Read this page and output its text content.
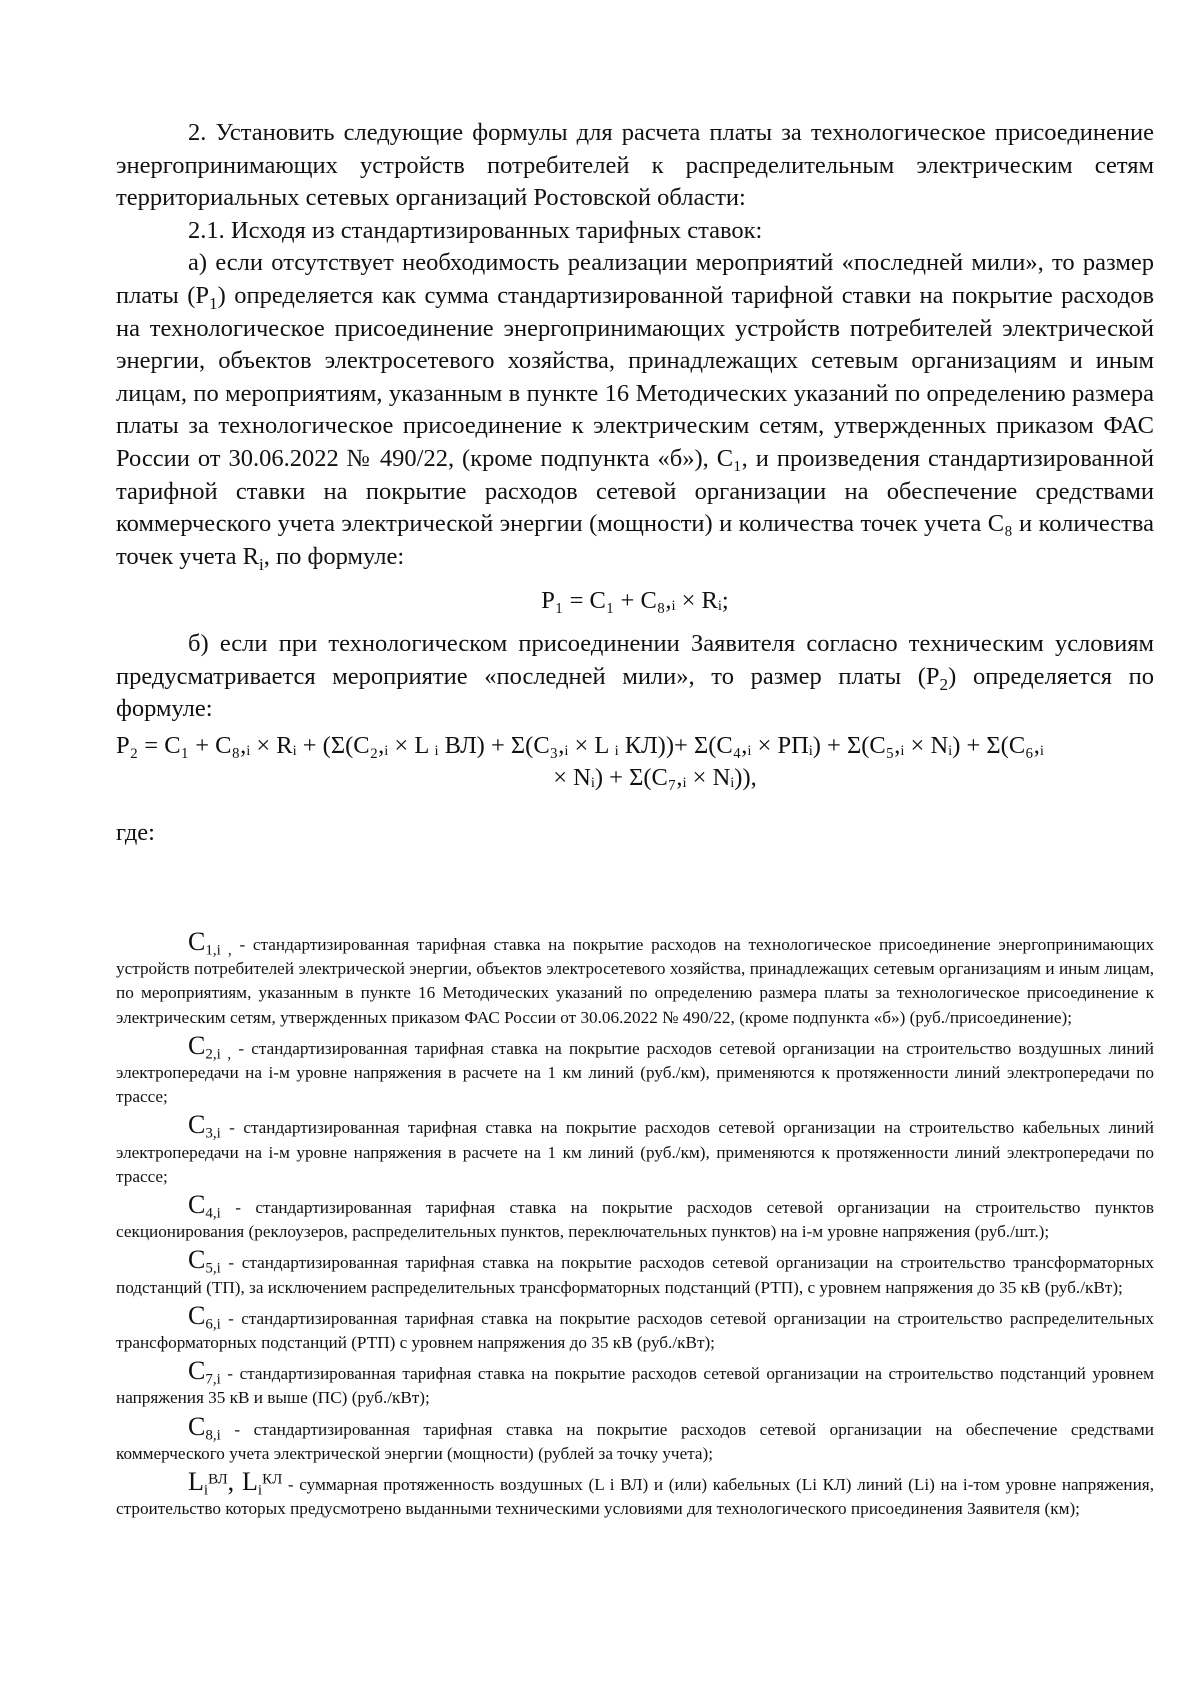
2. Установить следующие формулы для расчета платы за технологическое присоединение энергопринимающих устройств потребителей к распределительным электрическим сетям территориальных сетевых организаций Ростовской области:

2.1. Исходя из стандартизированных тарифных ставок:

а) если отсутствует необходимость реализации мероприятий «последней мили», то размер платы $(P_1)$ определяется как сумма стандартизированной тарифной ставки на покрытие расходов на технологическое присоединение энергопринимающих устройств потребителей электрической энергии, объектов электросетевого хозяйства, принадлежащих сетевым организациям и иным лицам, по мероприятиям, указанным в пункте 16 Методических указаний по определению размера платы за технологическое присоединение к электрическим сетям, утвержденных приказом ФАС России от 30.06.2022 № 490/22, (кроме подпункта «б»), C₁, и произведения стандартизированной тарифной ставки на покрытие расходов сетевой организации на обеспечение средствами коммерческого учета электрической энергии (мощности) и количества точек учета C₈ и количества точек учета $R_i$, по формуле:

P₁ = C₁ + C₈,ᵢ × Rᵢ;

б) если при технологическом присоединении Заявителя согласно техническим условиям предусматривается мероприятие «последней мили», то размер платы $(P_2)$ определяется по формуле:

P₂ = C₁ + C₈,ᵢ × Rᵢ + (Σ(C₂,ᵢ × L ᵢ ВЛ) + Σ(C₃,ᵢ × L ᵢ КЛ))+ Σ(C₄,ᵢ × РПᵢ) + Σ(C₅,ᵢ × Nᵢ) + Σ(C₆,ᵢ
× Nᵢ) + Σ(C₇,ᵢ × Nᵢ)),

где:

$C_{1,i ,}$ - стандартизированная тарифная ставка на покрытие расходов на технологическое присоединение энергопринимающих устройств потребителей электрической энергии, объектов электросетевого хозяйства, принадлежащих сетевым организациям и иным лицам, по мероприятиям, указанным в пункте 16 Методических указаний по определению размера платы за технологическое присоединение к электрическим сетям, утвержденных приказом ФАС России от 30.06.2022 № 490/22, (кроме подпункта «б») (руб./присоединение);

$C_{2,i ,}$ - стандартизированная тарифная ставка на покрытие расходов сетевой организации на строительство воздушных линий электропередачи на i-м уровне напряжения в расчете на 1 км линий (руб./км), применяются к протяженности линий электропередачи по трассе;

$C_{3,i}$ - стандартизированная тарифная ставка на покрытие расходов сетевой организации на строительство кабельных линий электропередачи на i-м уровне напряжения в расчете на 1 км линий (руб./км), применяются к протяженности линий электропередачи по трассе;

$C_{4,i}$ - стандартизированная тарифная ставка на покрытие расходов сетевой организации на строительство пунктов секционирования (реклоузеров, распределительных пунктов, переключательных пунктов) на i-м уровне напряжения (руб./шт.);

$C_{5,i}$ - стандартизированная тарифная ставка на покрытие расходов сетевой организации на строительство трансформаторных подстанций (ТП), за исключением распределительных трансформаторных подстанций (РТП), с уровнем напряжения до 35 кВ (руб./кВт);

$C_{6,i}$ - стандартизированная тарифная ставка на покрытие расходов сетевой организации на строительство распределительных трансформаторных подстанций (РТП) с уровнем напряжения до 35 кВ (руб./кВт);

$C_{7,i}$ - стандартизированная тарифная ставка на покрытие расходов сетевой организации на строительство подстанций уровнем напряжения 35 кВ и выше (ПС) (руб./кВт);

$C_{8,i}$ - стандартизированная тарифная ставка на покрытие расходов сетевой организации на обеспечение средствами коммерческого учета электрической энергии (мощности) (рублей за точку учета);

$L_i^{ВЛ}$, $L_i^{КЛ}$ - суммарная протяженность воздушных (L i ВЛ) и (или) кабельных (Li КЛ) линий (Li) на i-том уровне напряжения, строительство которых предусмотрено выданными техническими условиями для технологического присоединения Заявителя (км);
